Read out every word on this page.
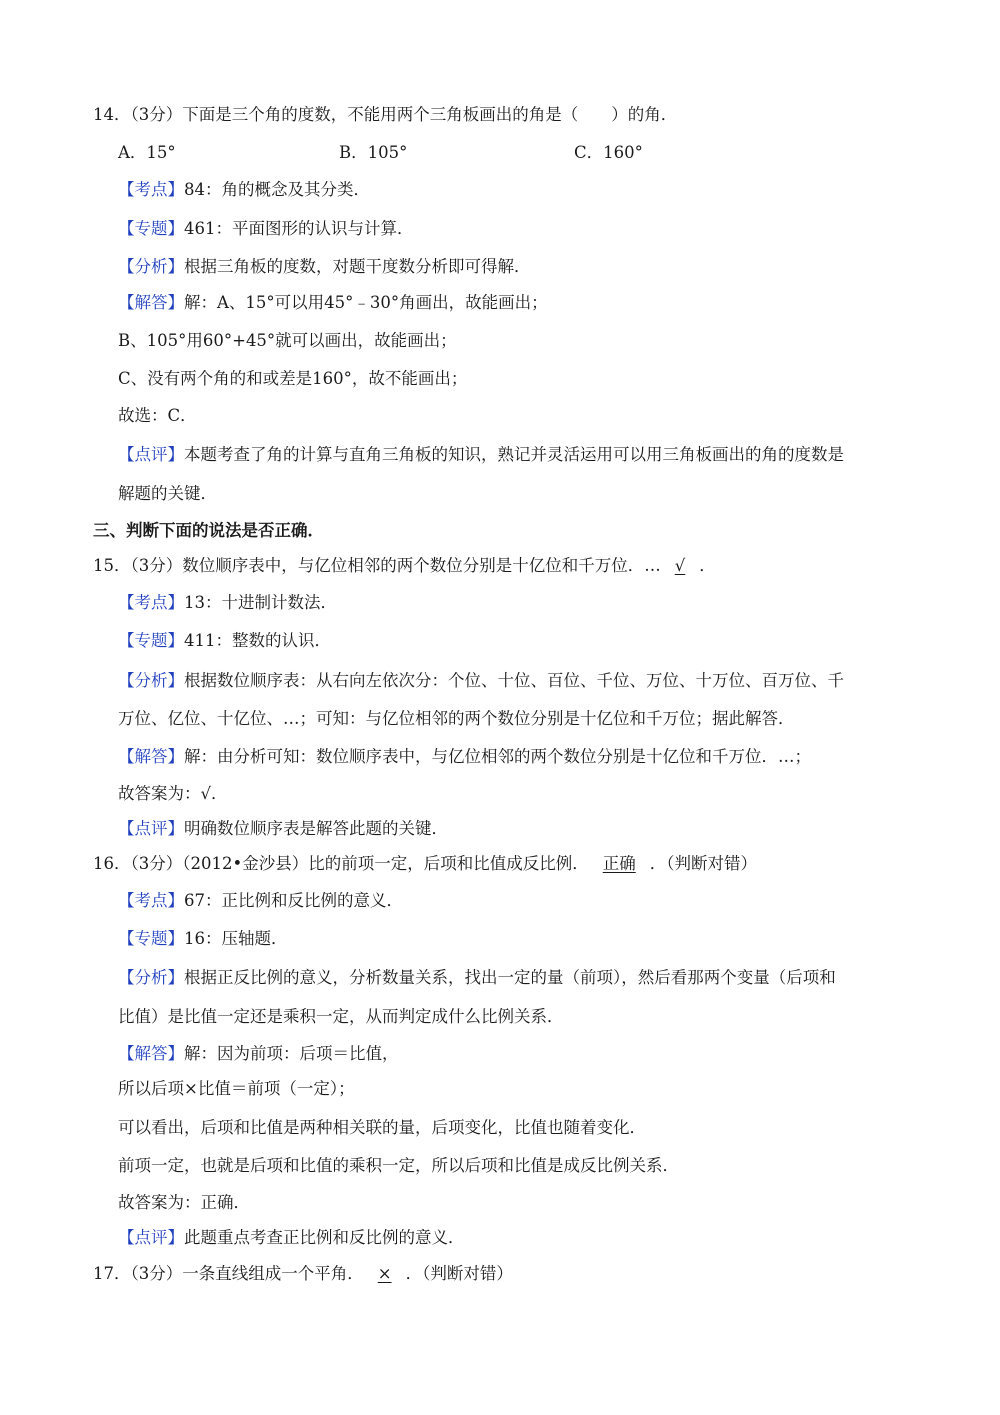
14．（3分）下面是三个角的度数，不能用两个三角板画出的角是（　　）的角．
A．15°	B．105°	C．160°
【考点】84：角的概念及其分类．
【专题】461：平面图形的认识与计算．
【分析】根据三角板的度数，对题干度数分析即可得解．
【解答】解：A、15°可以用45°﹣30°角画出，故能画出；
B、105°用60°+45°就可以画出，故能画出；
C、没有两个角的和或差是160°，故不能画出；
故选：C．
【点评】本题考查了角的计算与直角三角板的知识，熟记并灵活运用可以用三角板画出的角的度数是
解题的关键．
三、判断下面的说法是否正确．
15．（3分）数位顺序表中，与亿位相邻的两个数位分别是十亿位和千万位．… √ ．
【考点】13：十进制计数法．
【专题】411：整数的认识．
【分析】根据数位顺序表：从右向左依次分：个位、十位、百位、千位、万位、十万位、百万位、千
万位、亿位、十亿位、…；可知：与亿位相邻的两个数位分别是十亿位和千万位；据此解答．
【解答】解：由分析可知：数位顺序表中，与亿位相邻的两个数位分别是十亿位和千万位．…；
故答案为：√．
【点评】明确数位顺序表是解答此题的关键．
16．（3分）（2012•金沙县）比的前项一定，后项和比值成反比例． 正确 ．（判断对错）
【考点】67：正比例和反比例的意义．
【专题】16：压轴题．
【分析】根据正反比例的意义，分析数量关系，找出一定的量（前项），然后看那两个变量（后项和
比值）是比值一定还是乘积一定，从而判定成什么比例关系．
【解答】解：因为前项：后项＝比值，
所以后项×比值＝前项（一定）；
可以看出，后项和比值是两种相关联的量，后项变化，比值也随着变化．
前项一定，也就是后项和比值的乘积一定，所以后项和比值是成反比例关系．
故答案为：正确．
【点评】此题重点考查正比例和反比例的意义．
17．（3分）一条直线组成一个平角． × ．（判断对错）
